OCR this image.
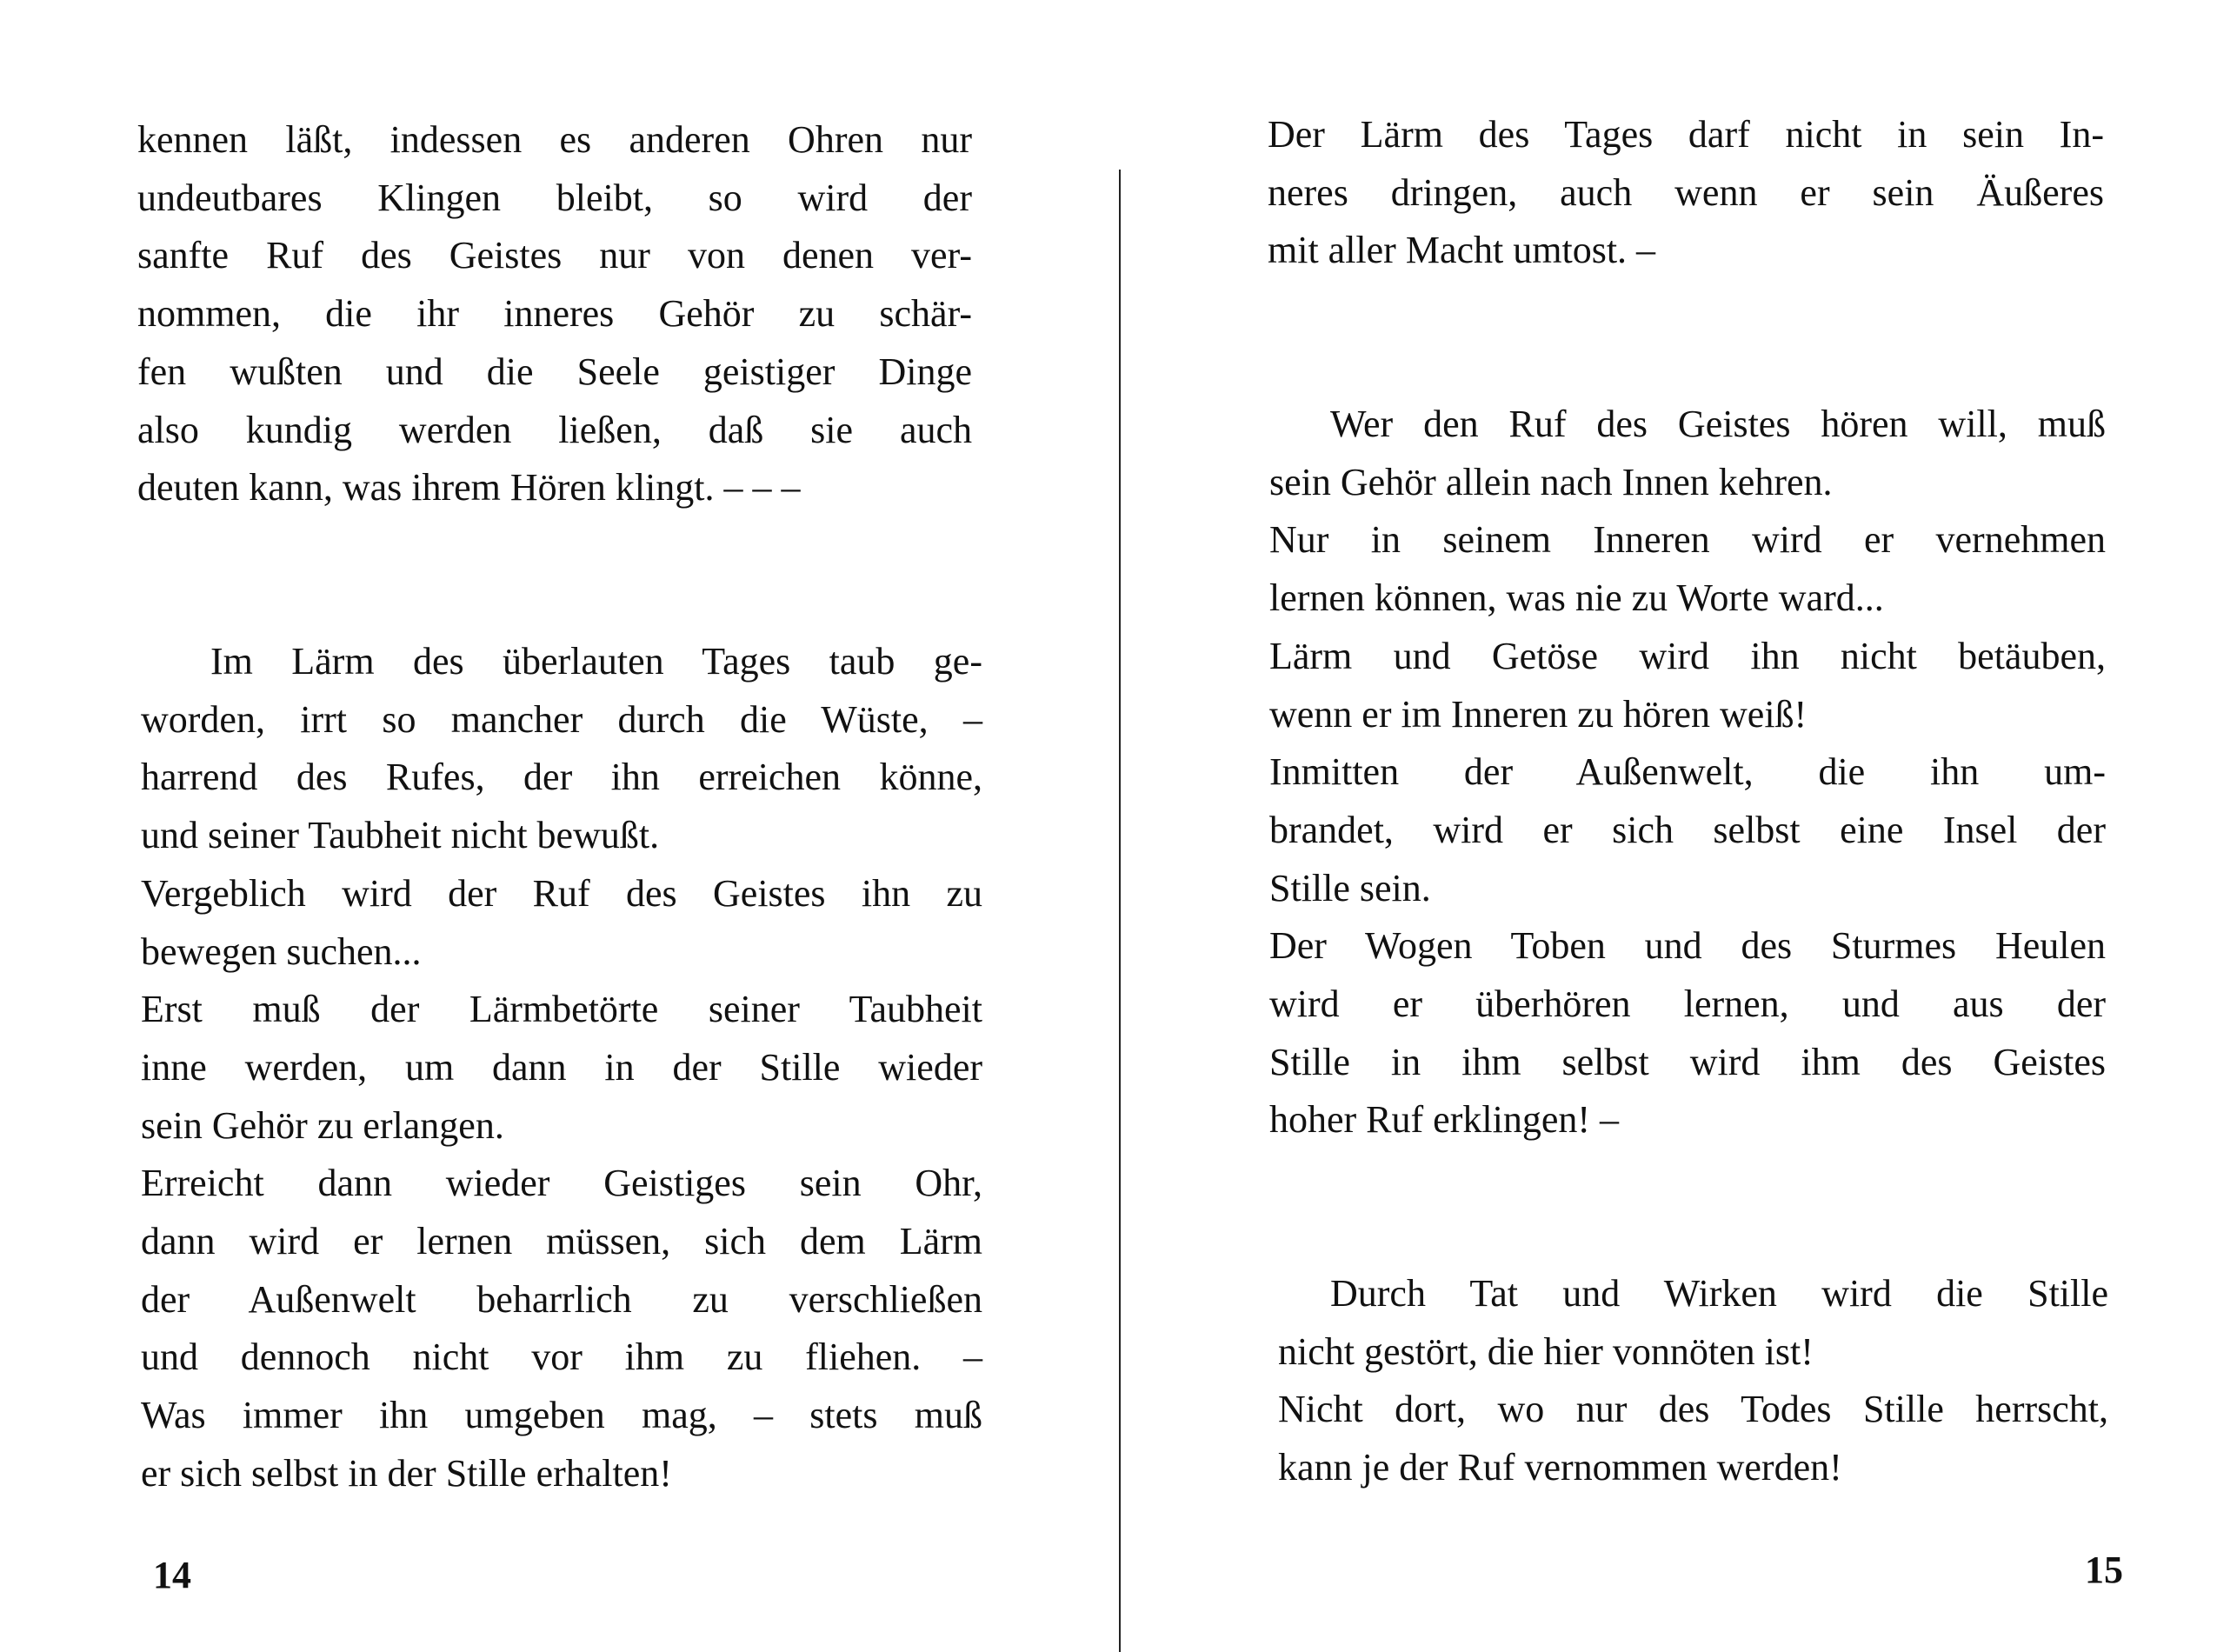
kennen läßt, indessen es anderen Ohren nur
undeutbares Klingen bleibt, so wird der
sanfte Ruf des Geistes nur von denen ver-
nommen, die ihr inneres Gehör zu schär-
fen wußten und die Seele geistiger Dinge
also kundig werden ließen, daß sie auch
deuten kann, was ihrem Hören klingt. – – –
Im Lärm des überlauten Tages taub ge-
worden, irrt so mancher durch die Wüste, –
harrend des Rufes, der ihn erreichen könne,
und seiner Taubheit nicht bewußt.
Vergeblich wird der Ruf des Geistes ihn zu
bewegen suchen...
Erst muß der Lärmbetörte seiner Taubheit
inne werden, um dann in der Stille wieder
sein Gehör zu erlangen.
Erreicht dann wieder Geistiges sein Ohr,
dann wird er lernen müssen, sich dem Lärm
der Außenwelt beharrlich zu verschließen
und dennoch nicht vor ihm zu fliehen. –
Was immer ihn umgeben mag, – stets muß
er sich selbst in der Stille erhalten!
14
Der Lärm des Tages darf nicht in sein In-
neres dringen, auch wenn er sein Äußeres
mit aller Macht umtost. –
Wer den Ruf des Geistes hören will, muß
sein Gehör allein nach Innen kehren.
Nur in seinem Inneren wird er vernehmen
lernen können, was nie zu Worte ward...
Lärm und Getöse wird ihn nicht betäuben,
wenn er im Inneren zu hören weiß!
Inmitten der Außenwelt, die ihn um-
brandet, wird er sich selbst eine Insel der
Stille sein.
Der Wogen Toben und des Sturmes Heulen
wird er überhören lernen, und aus der
Stille in ihm selbst wird ihm des Geistes
hoher Ruf erklingen! –
Durch Tat und Wirken wird die Stille
nicht gestört, die hier vonnöten ist!
Nicht dort, wo nur des Todes Stille herrscht,
kann je der Ruf vernommen werden!
15
